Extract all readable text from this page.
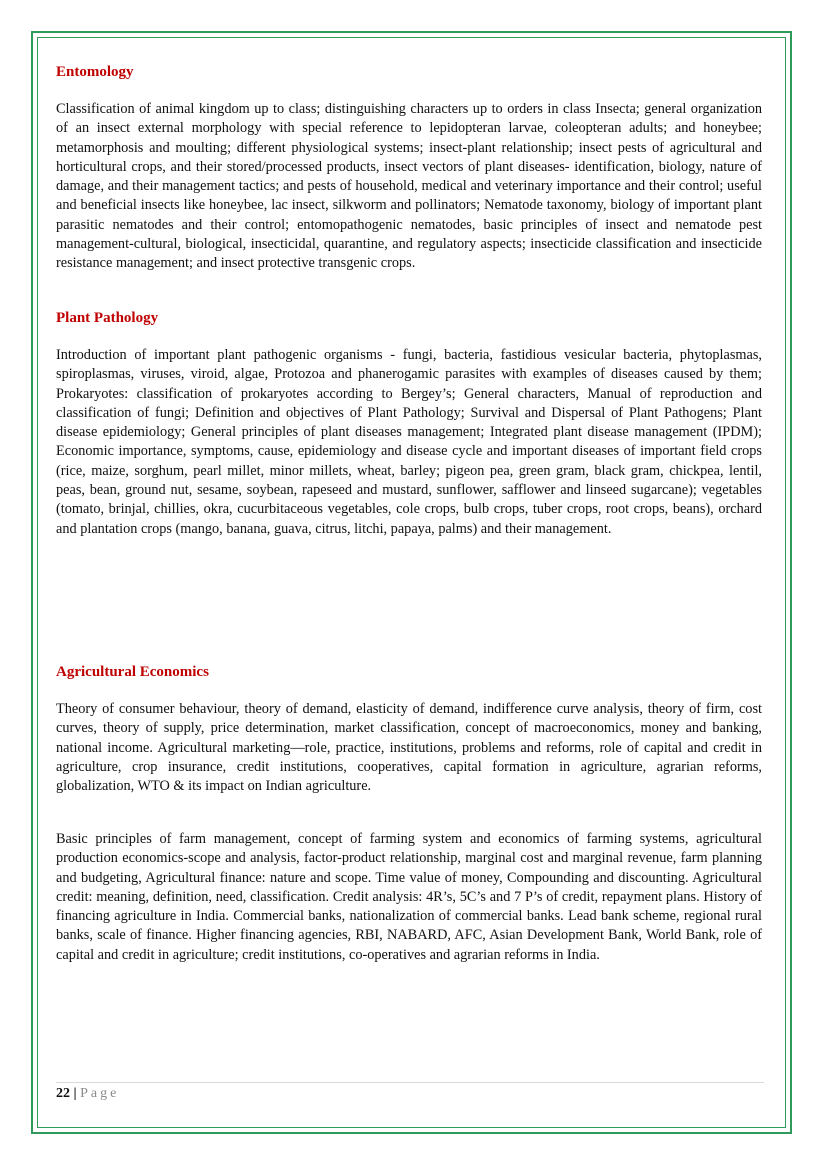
Entomology

Classification of animal kingdom up to class; distinguishing characters up to orders in class Insecta; general organization of an insect external morphology with special reference to lepidopteran larvae, coleopteran adults; and honeybee; metamorphosis and moulting; different physiological systems; insect-plant relationship; insect pests of agricultural and horticultural crops, and their stored/processed products, insect vectors of plant diseases- identification, biology, nature of damage, and their management tactics; and pests of household, medical and veterinary importance and their control; useful and beneficial insects like honeybee, lac insect, silkworm and pollinators; Nematode taxonomy, biology of important plant parasitic nematodes and their control; entomopathogenic nematodes, basic principles of insect and nematode pest management-cultural, biological, insecticidal, quarantine, and regulatory aspects; insecticide classification and insecticide resistance management; and insect protective transgenic crops.

Plant Pathology

Introduction of important plant pathogenic organisms - fungi, bacteria, fastidious vesicular bacteria, phytoplasmas, spiroplasmas, viruses, viroid, algae, Protozoa and phanerogamic parasites with examples of diseases caused by them; Prokaryotes: classification of prokaryotes according to Bergey’s; General characters, Manual of reproduction and classification of fungi; Definition and objectives of Plant Pathology; Survival and Dispersal of Plant Pathogens; Plant disease epidemiology; General principles of plant diseases management; Integrated plant disease management (IPDM); Economic importance, symptoms, cause, epidemiology and disease cycle and important diseases of important field crops (rice, maize, sorghum, pearl millet, minor millets, wheat, barley; pigeon pea, green gram, black gram, chickpea, lentil, peas, bean, ground nut, sesame, soybean, rapeseed and mustard, sunflower, safflower and linseed sugarcane); vegetables (tomato, brinjal, chillies, okra, cucurbitaceous vegetables, cole crops, bulb crops, tuber crops, root crops, beans), orchard and plantation crops (mango, banana, guava, citrus, litchi, papaya, palms) and their management.

Agricultural Economics

Theory of consumer behaviour, theory of demand, elasticity of demand, indifference curve analysis, theory of firm, cost curves, theory of supply, price determination, market classification, concept of macroeconomics, money and banking, national income. Agricultural marketing—role, practice, institutions, problems and reforms, role of capital and credit in agriculture, crop insurance, credit institutions, cooperatives, capital formation in agriculture, agrarian reforms, globalization, WTO & its impact on Indian agriculture.

Basic principles of farm management, concept of farming system and economics of farming systems, agricultural production economics-scope and analysis, factor-product relationship, marginal cost and marginal revenue, farm planning and budgeting, Agricultural finance: nature and scope. Time value of money, Compounding and discounting. Agricultural credit: meaning, definition, need, classification. Credit analysis: 4R’s, 5C’s and 7 P’s of credit, repayment plans. History of financing agriculture in India. Commercial banks, nationalization of commercial banks. Lead bank scheme, regional rural banks, scale of finance. Higher financing agencies, RBI, NABARD, AFC, Asian Development Bank, World Bank, role of capital and credit in agriculture; credit institutions, co-operatives and agrarian reforms in India.

22 | Page
